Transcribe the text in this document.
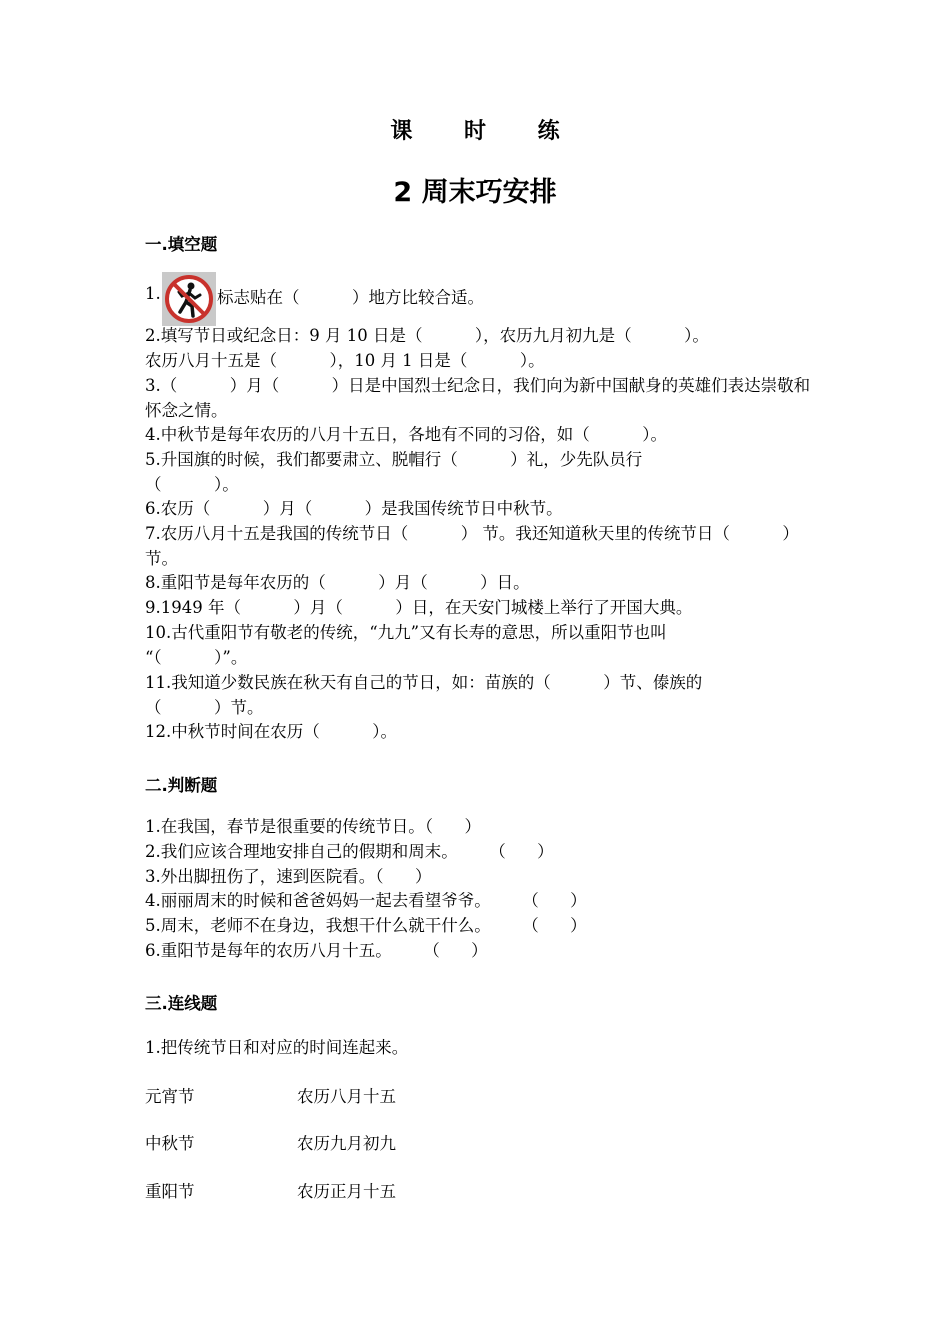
课 时 练
2 周末巧安排
一.填空题
1.	标志贴在（          ）地方比较合适。
2.填写节日或纪念日：9 月 10 日是（          ），农历九月初九是（          ）。
农历八月十五是（          ），10 月 1 日是（          ）。
3.（          ）月（          ）日是中国烈士纪念日，我们向为新中国献身的英雄们表达崇敬和怀念之情。
4.中秋节是每年农历的八月十五日，各地有不同的习俗，如（          ）。
5.升国旗的时候，我们都要肃立、脱帽行（          ）礼，少先队员行
（          ）。
6.农历（          ）月（          ）是我国传统节日中秋节。
7.农历八月十五是我国的传统节日（          ） 节。我还知道秋天里的传统节日（          ）节。
8.重阳节是每年农历的（          ）月（          ）日。
9.1949 年（          ）月（          ）日，在天安门城楼上举行了开国大典。
10.古代重阳节有敬老的传统，“九九”又有长寿的意思，所以重阳节也叫
“（          ）”。
11.我知道少数民族在秋天有自己的节日，如：苗族的（          ）节、傣族的
（          ）节。
12.中秋节时间在农历（          ）。
二.判断题
1.在我国，春节是很重要的传统节日。（      ）
2.我们应该合理地安排自己的假期和周末。      （      ）
3.外出脚扭伤了，速到医院看。（      ）
4.丽丽周末的时候和爸爸妈妈一起去看望爷爷。      （      ）
5.周末，老师不在身边，我想干什么就干什么。      （      ）
6.重阳节是每年的农历八月十五。      （      ）
三.连线题
1.把传统节日和对应的时间连起来。
元宵节	农历八月十五
中秋节	农历九月初九
重阳节	农历正月十五
